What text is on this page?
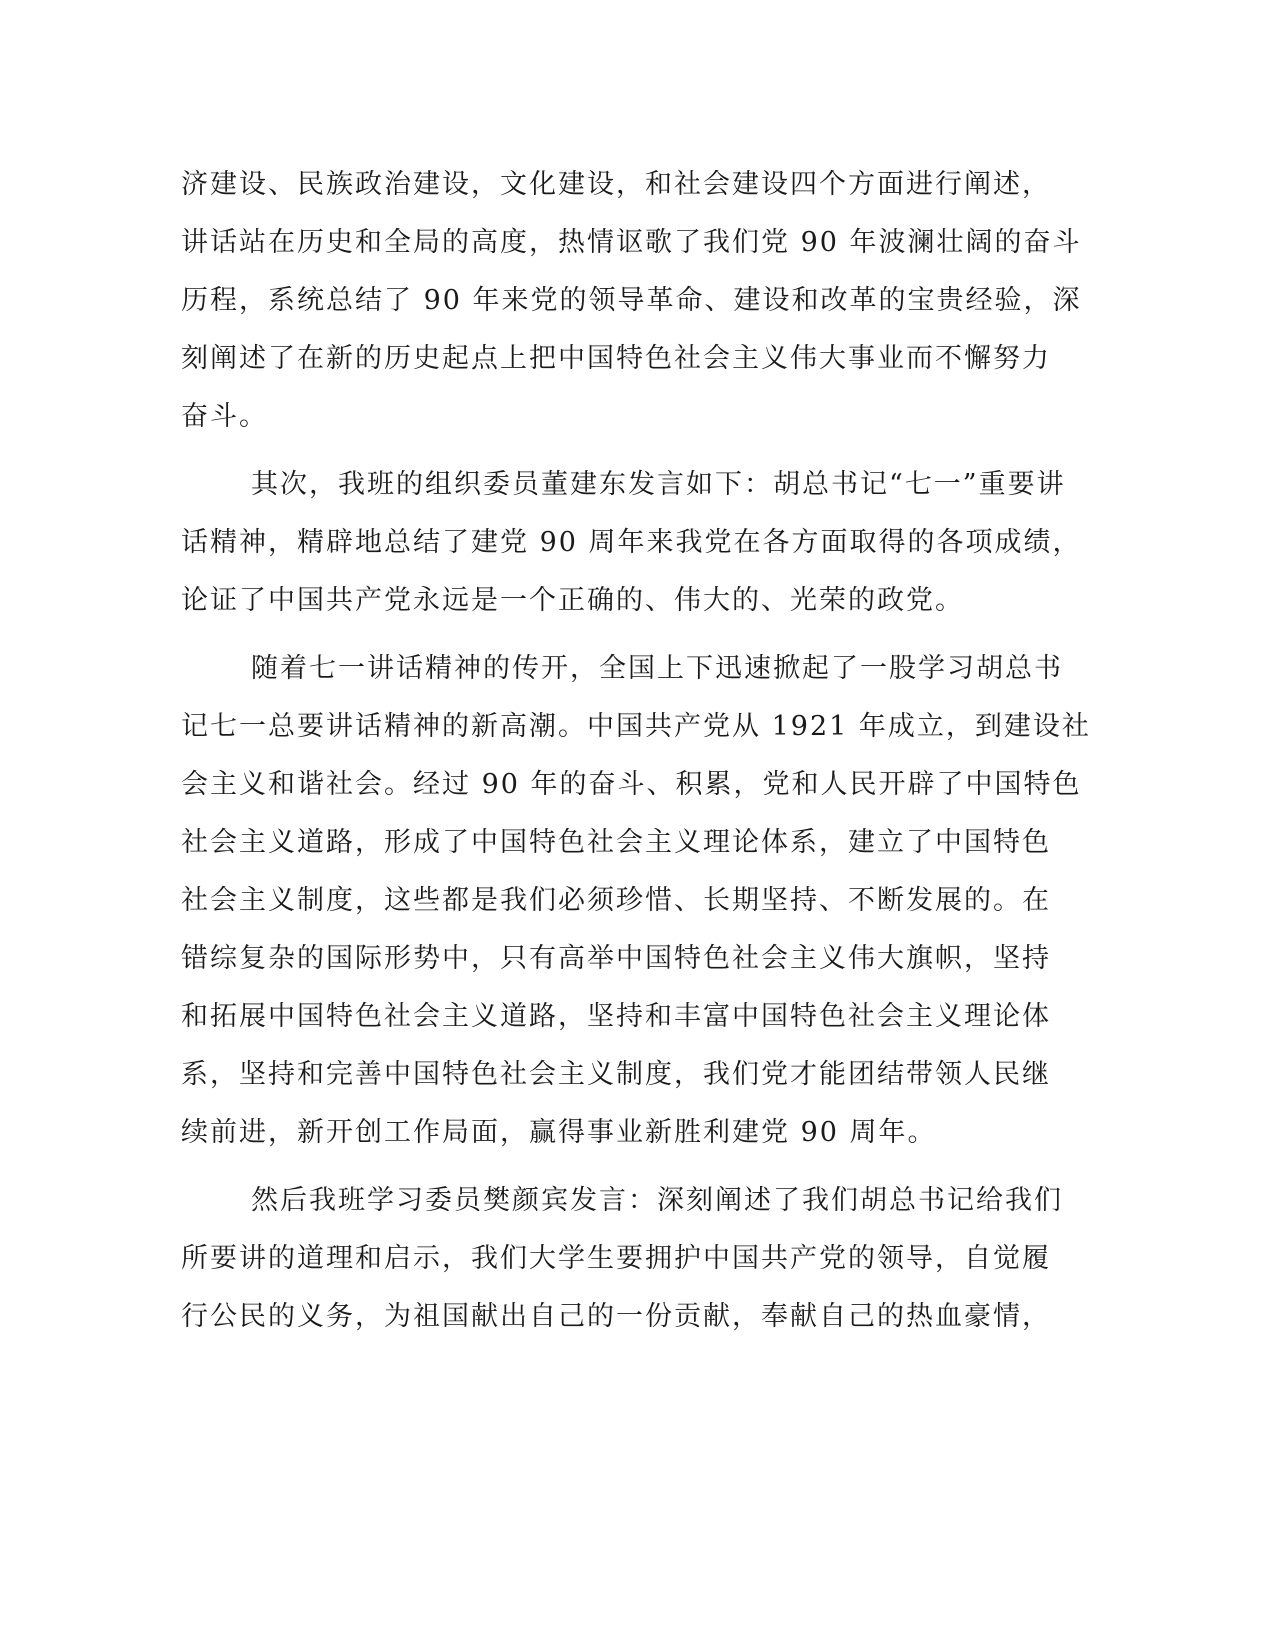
济建设、民族政治建设，文化建设，和社会建设四个方面进行阐述，
讲话站在历史和全局的高度，热情讴歌了我们党 90 年波澜壮阔的奋斗
历程，系统总结了 90 年来党的领导革命、建设和改革的宝贵经验，深
刻阐述了在新的历史起点上把中国特色社会主义伟大事业而不懈努力
奋斗。
其次，我班的组织委员董建东发言如下：胡总书记“七一”重要讲
话精神，精辟地总结了建党 90 周年来我党在各方面取得的各项成绩，
论证了中国共产党永远是一个正确的、伟大的、光荣的政党。
随着七一讲话精神的传开，全国上下迅速掀起了一股学习胡总书
记七一总要讲话精神的新高潮。中国共产党从 1921 年成立，到建设社
会主义和谐社会。经过 90 年的奋斗、积累，党和人民开辟了中国特色
社会主义道路，形成了中国特色社会主义理论体系，建立了中国特色
社会主义制度，这些都是我们必须珍惜、长期坚持、不断发展的。在
错综复杂的国际形势中，只有高举中国特色社会主义伟大旗帜，坚持
和拓展中国特色社会主义道路，坚持和丰富中国特色社会主义理论体
系，坚持和完善中国特色社会主义制度，我们党才能团结带领人民继
续前进，新开创工作局面，赢得事业新胜利建党 90 周年。
然后我班学习委员樊颜宾发言：深刻阐述了我们胡总书记给我们
所要讲的道理和启示，我们大学生要拥护中国共产党的领导，自觉履
行公民的义务，为祖国献出自己的一份贡献，奉献自己的热血豪情，
